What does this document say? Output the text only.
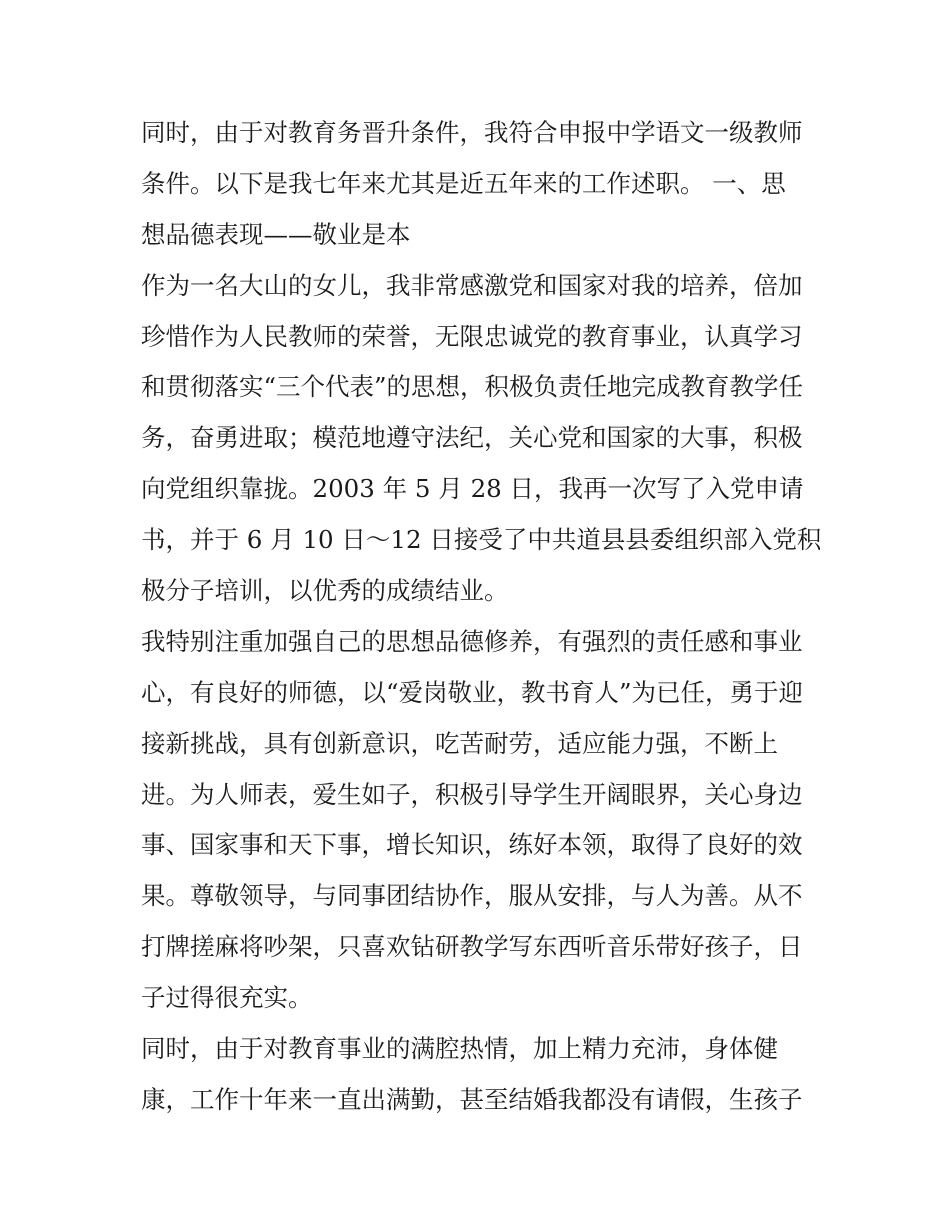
同时，由于对教育务晋升条件，我符合申报中学语文一级教师
条件。以下是我七年来尤其是近五年来的工作述职。 一、思
想品德表现——敬业是本
作为一名大山的女儿，我非常感激党和国家对我的培养，倍加
珍惜作为人民教师的荣誉，无限忠诚党的教育事业，认真学习
和贯彻落实“三个代表”的思想，积极负责任地完成教育教学任
务，奋勇进取；模范地遵守法纪，关心党和国家的大事，积极
向党组织靠拢。2003 年 5 月 28 日，我再一次写了入党申请
书，并于 6 月 10 日～12 日接受了中共道县县委组织部入党积
极分子培训，以优秀的成绩结业。
我特别注重加强自己的思想品德修养，有强烈的责任感和事业
心，有良好的师德，以“爱岗敬业，教书育人”为已任，勇于迎
接新挑战，具有创新意识，吃苦耐劳，适应能力强，不断上
进。为人师表，爱生如子，积极引导学生开阔眼界，关心身边
事、国家事和天下事，增长知识，练好本领，取得了良好的效
果。尊敬领导，与同事团结协作，服从安排，与人为善。从不
打牌搓麻将吵架，只喜欢钻研教学写东西听音乐带好孩子，日
子过得很充实。
同时，由于对教育事业的满腔热情，加上精力充沛，身体健
康，工作十年来一直出满勤，甚至结婚我都没有请假，生孩子
